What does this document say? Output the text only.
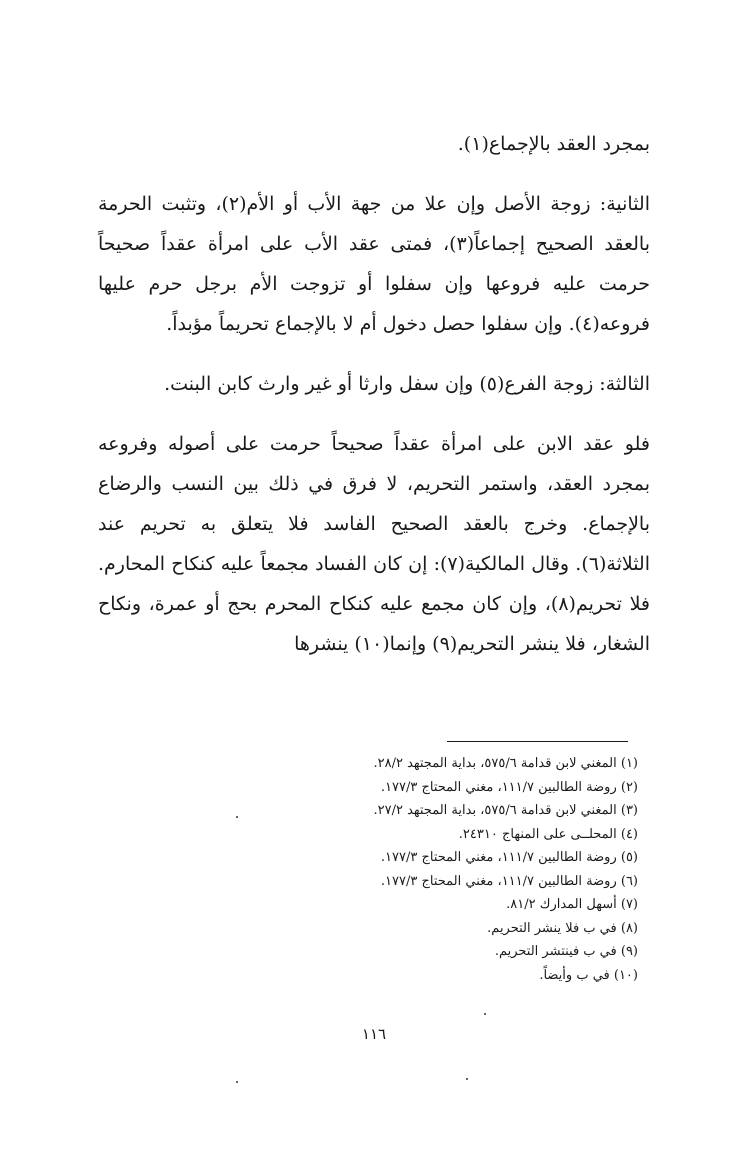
بمجرد العقد بالإجماع(١).

الثانية: زوجة الأصل وإن علا من جهة الأب أو الأم(٢)، وتثبت الحرمة بالعقد الصحيح إجماعاً(٣)، فمتى عقد الأب على امرأة عقداً صحيحاً حرمت عليه فروعها وإن سفلوا أو تزوجت الأم برجل حرم عليها فروعه(٤). وإن سفلوا حصل دخول أم لا بالإجماع تحريماً مؤبداً.

الثالثة: زوجة الفرع(٥) وإن سفل وارثا أو غير وارث كابن البنت.

فلو عقد الابن على امرأة عقداً صحيحاً حرمت على أصوله وفروعه بمجرد العقد، واستمر التحريم، لا فرق في ذلك بين النسب والرضاع بالإجماع. وخرج بالعقد الصحيح الفاسد فلا يتعلق به تحريم عند الثلاثة(٦). وقال المالكية(٧): إن كان الفساد مجمعاً عليه كنكاح المحارم. فلا تحريم(٨)، وإن كان مجمع عليه كنكاح المحرم بحج أو عمرة، ونكاح الشغار، فلا ينشر التحريم(٩) وإنما(١٠) ينشرها

(١) المغني لابن قدامة ٥٧٥/٦، بداية المجتهد ٢٨/٢.
(٢) روضة الطالبين ١١١/٧، مغني المحتاج ١٧٧/٣.
(٣) المغني لابن قدامة ٥٧٥/٦، بداية المجتهد ٢٧/٢.
(٤) المحلــى على المنهاج ٢٤٣١٠.
(٥) روضة الطالبين ١١١/٧، مغني المحتاج ١٧٧/٣.
(٦) روضة الطالبين ١١١/٧، مغني المحتاج ١٧٧/٣.
(٧) أسهل المدارك ٨١/٢.
(٨) في ب فلا ينشر التحريم.
(٩) في ب فينتشر التحريم.
(١٠) في ب وأيضاً.
١١٦
